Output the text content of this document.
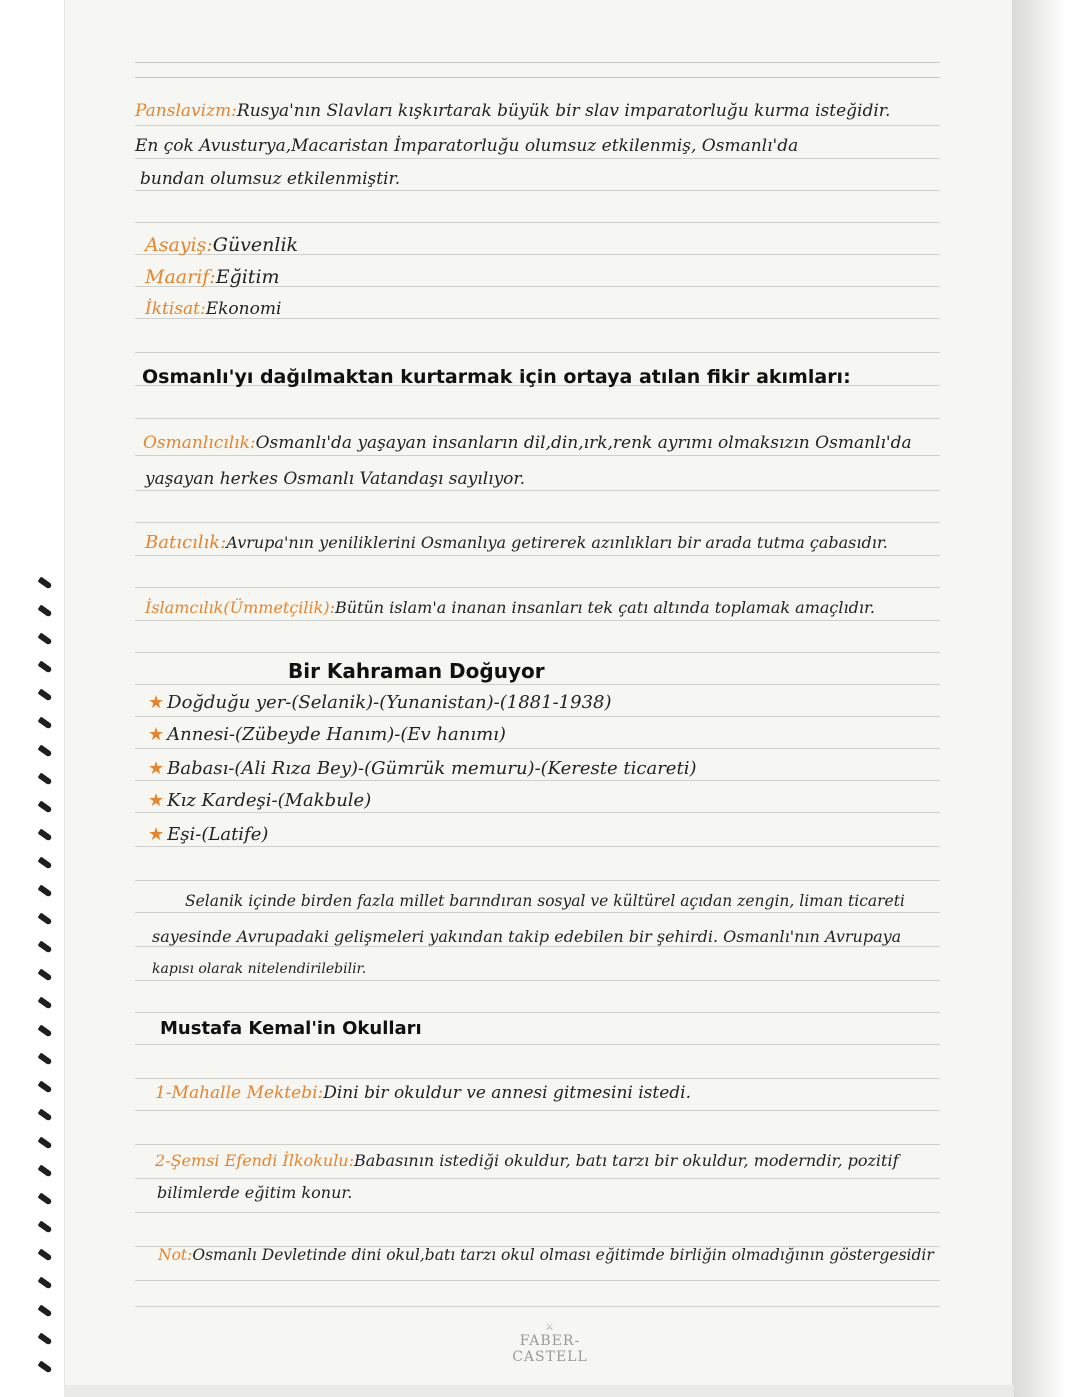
Panslavizm:Rusya'nın Slavları kışkırtarak büyük bir slav imparatorluğu kurma isteğidir.
En çok Avusturya,Macaristan İmparatorluğu olumsuz etkilenmiş, Osmanlı'da
bundan olumsuz etkilenmiştir.
Asayiş:Güvenlik
Maarif:Eğitim
İktisat:Ekonomi
Osmanlı'yı dağılmaktan kurtarmak için ortaya atılan fikir akımları:
Osmanlıcılık:Osmanlı'da yaşayan insanların dil,din,ırk,renk ayrımı olmaksızın Osmanlı'da
yaşayan herkes Osmanlı Vatandaşı sayılıyor.
Batıcılık:Avrupa'nın yeniliklerini Osmanlıya getirerek azınlıkları bir arada tutma çabasıdır.
İslamcılık(Ümmetçilik):Bütün islam'a inanan insanları tek çatı altında toplamak amaçlıdır.
Bir Kahraman Doğuyor
★ Doğduğu yer-(Selanik)-(Yunanistan)-(1881-1938)
★ Annesi-(Zübeyde Hanım)-(Ev hanımı)
★ Babası-(Ali Rıza Bey)-(Gümrük memuru)-(Kereste ticareti)
★ Kız Kardeşi-(Makbule)
★ Eşi-(Latife)
Selanik içinde birden fazla millet barındıran sosyal ve kültürel açıdan zengin, liman ticareti
sayesinde Avrupadaki gelişmeleri yakından takip edebilen bir şehirdi. Osmanlı'nın Avrupaya
kapısı olarak nitelendirilebilir.
Mustafa Kemal'in Okulları
1-Mahalle Mektebi:Dini bir okuldur ve annesi gitmesini istedi.
2-Şemsi Efendi İlkokulu:Babasının istediği okuldur, batı tarzı bir okuldur, moderndir, pozitif
bilimlerde eğitim konur.
Not:Osmanlı Devletinde dini okul,batı tarzı okul olması eğitimde birliğin olmadığının göstergesidir
⚔
FABER-CASTELL
